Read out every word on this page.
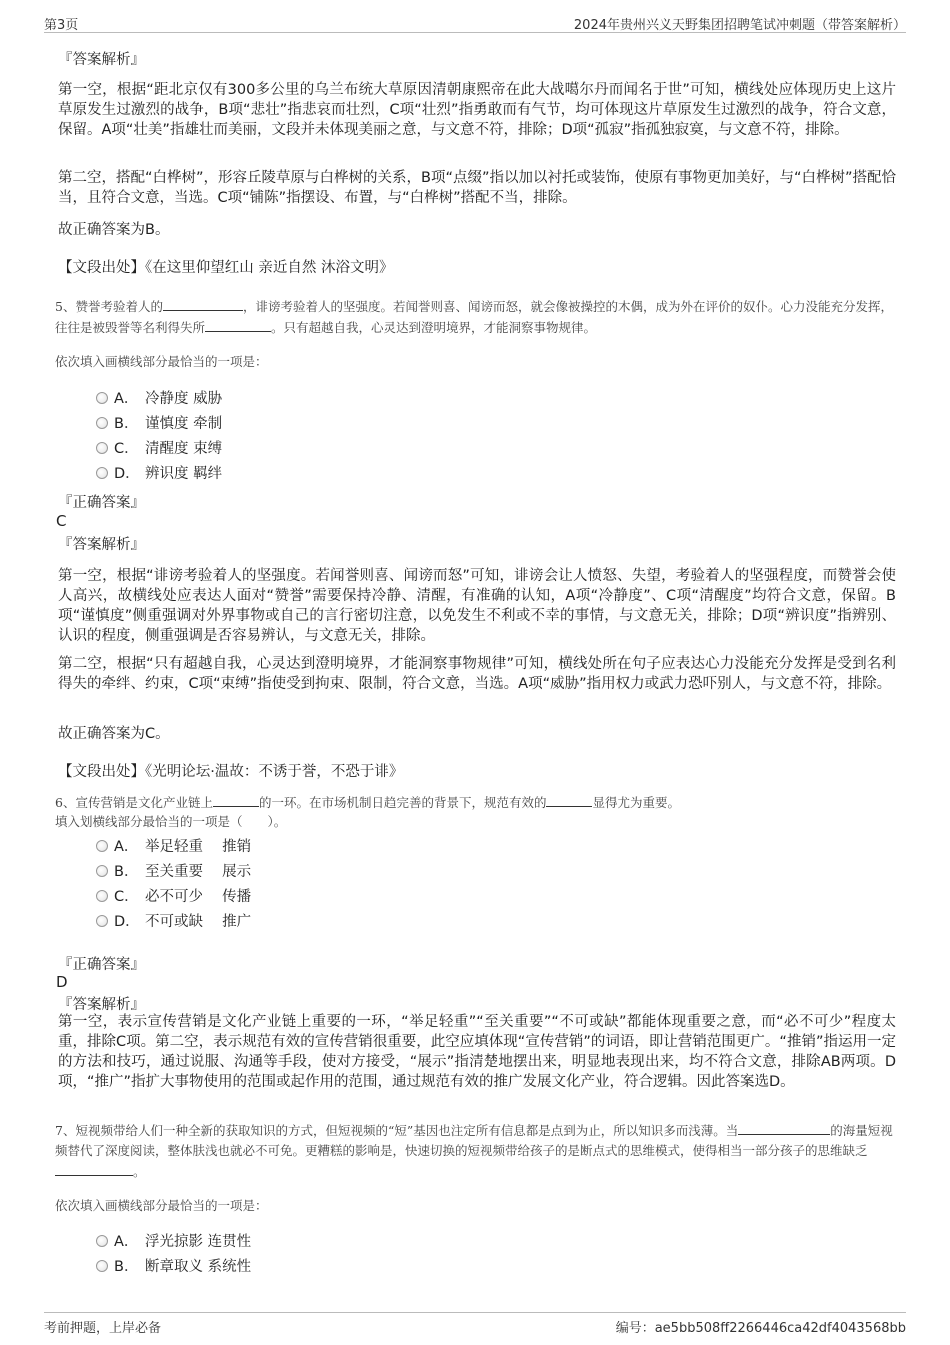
第3页	2024年贵州兴义天野集团招聘笔试冲刺题（带答案解析）
『答案解析』
第一空，根据“距北京仅有300多公里的乌兰布统大草原因清朝康熙帝在此大战噶尔丹而闻名于世”可知，横线处应体现历史上这片草原发生过激烈的战争，B项“悲壮”指悲哀而壮烈，C项“壮烈”指勇敢而有气节，均可体现这片草原发生过激烈的战争，符合文意，保留。A项“壮美”指雄壮而美丽，文段并未体现美丽之意，与文意不符，排除；D项“孤寂”指孤独寂寞，与文意不符，排除。
第二空，搭配“白桦树”，形容丘陵草原与白桦树的关系，B项“点缀”指以加以衬托或装饰，使原有事物更加美好，与“白桦树”搭配恰当，且符合文意，当选。C项“铺陈”指摆设、布置，与“白桦树”搭配不当，排除。
故正确答案为B。
【文段出处】《在这里仰望红山 亲近自然 沐浴文明》
5、赞誉考验着人的	，诽谤考验着人的坚强度。若闻誉则喜、闻谤而怒，就会像被操控的木偶，成为外在评价的奴仆。心力没能充分发挥，往往是被毁誉等名利得失所	。只有超越自我，心灵达到澄明境界，才能洞察事物规律。
依次填入画横线部分最恰当的一项是：
A． 冷静度 威胁
B． 谨慎度 牵制
C． 清醒度 束缚
D． 辨识度 羁绊
『正确答案』
C
『答案解析』
第一空，根据“诽谤考验着人的坚强度。若闻誉则喜、闻谤而怒”可知，诽谤会让人愤怒、失望，考验着人的坚强程度，而赞誉会使人高兴，故横线处应表达人面对“赞誉”需要保持冷静、清醒，有准确的认知，A项“冷静度”、C项“清醒度”均符合文意，保留。B项“谨慎度”侧重强调对外界事物或自己的言行密切注意，以免发生不利或不幸的事情，与文意无关，排除；D项“辨识度”指辨别、认识的程度，侧重强调是否容易辨认，与文意无关，排除。
第二空，根据“只有超越自我，心灵达到澄明境界，才能洞察事物规律”可知，横线处所在句子应表达心力没能充分发挥是受到名利得失的牵绊、约束，C项“束缚”指使受到拘束、限制，符合文意，当选。A项“威胁”指用权力或武力恐吓别人，与文意不符，排除。
故正确答案为C。
【文段出处】《光明论坛·温故：不诱于誉，不恐于诽》
6、宣传营销是文化产业链上	的一环。在市场机制日趋完善的背景下，规范有效的	显得尤为重要。
填入划横线部分最恰当的一项是（　　）。
A． 举足轻重　 推销
B． 至关重要　 展示
C． 必不可少　 传播
D． 不可或缺　 推广
『正确答案』
D
『答案解析』
第一空，表示宣传营销是文化产业链上重要的一环，“举足轻重”“至关重要”“不可或缺”都能体现重要之意，而“必不可少”程度太重，排除C项。第二空，表示规范有效的宣传营销很重要，此空应填体现“宣传营销”的词语，即让营销范围更广。“推销”指运用一定的方法和技巧，通过说服、沟通等手段，使对方接受，“展示”指清楚地摆出来，明显地表现出来，均不符合文意，排除AB两项。D项，“推广”指扩大事物使用的范围或起作用的范围，通过规范有效的推广发展文化产业，符合逻辑。因此答案选D。
7、短视频带给人们一种全新的获取知识的方式，但短视频的“短”基因也注定所有信息都是点到为止，所以知识多而浅薄。当	的海量短视频替代了深度阅读，整体肤浅也就必不可免。更糟糕的影响是，快速切换的短视频带给孩子的是断点式的思维模式，使得相当一部分孩子的思维缺乏。
依次填入画横线部分最恰当的一项是：
A． 浮光掠影 连贯性
B． 断章取义 系统性
考前押题，上岸必备	编号：ae5bb508ff2266446ca42df4043568bb
